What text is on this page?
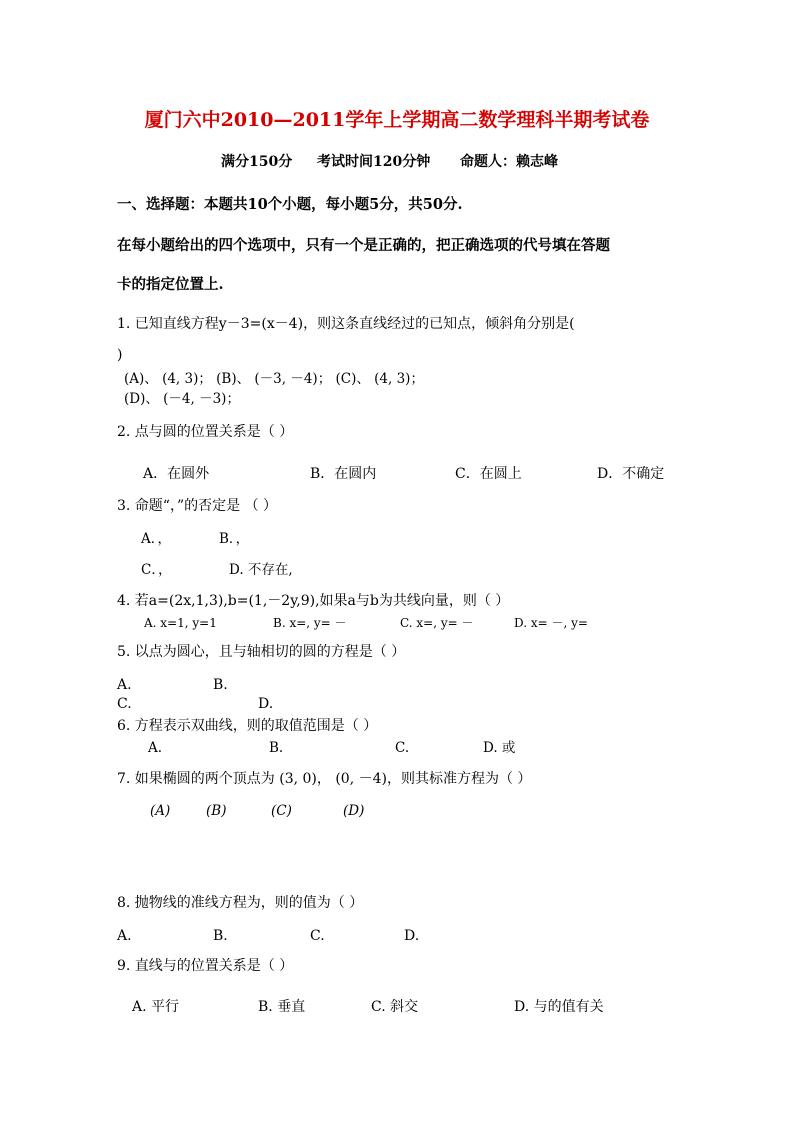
厦门六中2010—2011学年上学期高二数学理科半期考试卷
满分150分 考试时间120分钟 命题人：赖志峰
一、选择题：本题共10个小题，每小题5分，共50分.
在每小题给出的四个选项中，只有一个是正确的，把正确选项的代号填在答题
卡的指定位置上.
1. 已知直线方程y－3=(x－4)，则这条直线经过的已知点，倾斜角分别是(
)
(A)、 (4, 3)； (B)、 (－3, －4)； (C)、 (4, 3)；
(D)、 (－4, －3)；
2. 点与圆的位置关系是（ ）
A．在圆外	B．在圆内	C．在圆上	D．不确定
3. 命题“，”的否定是 （ ）
A．，	B．，
C．，	D. 不存在,
4. 若a=(2x,1,3),b=(1,－2y,9),如果a与b为共线向量，则（ ）
A. x=1, y=1	B. x=, y= －	C. x=, y= －	D. x= －, y=
5. 以点为圆心，且与轴相切的圆的方程是（ ）
A.	B.
C.	D.
6. 方程表示双曲线，则的取值范围是（ ）
A.	B.	C.	D. 或
7. 如果椭圆的两个顶点为 (3, 0)， (0, －4)，则其标准方程为（ ）
(A)	(B)	(C)	(D)
8. 抛物线的准线方程为，则的值为（ ）
A.	B.	C.	D.
9. 直线与的位置关系是（ ）
A. 平行	B. 垂直	C. 斜交	D. 与的值有关
